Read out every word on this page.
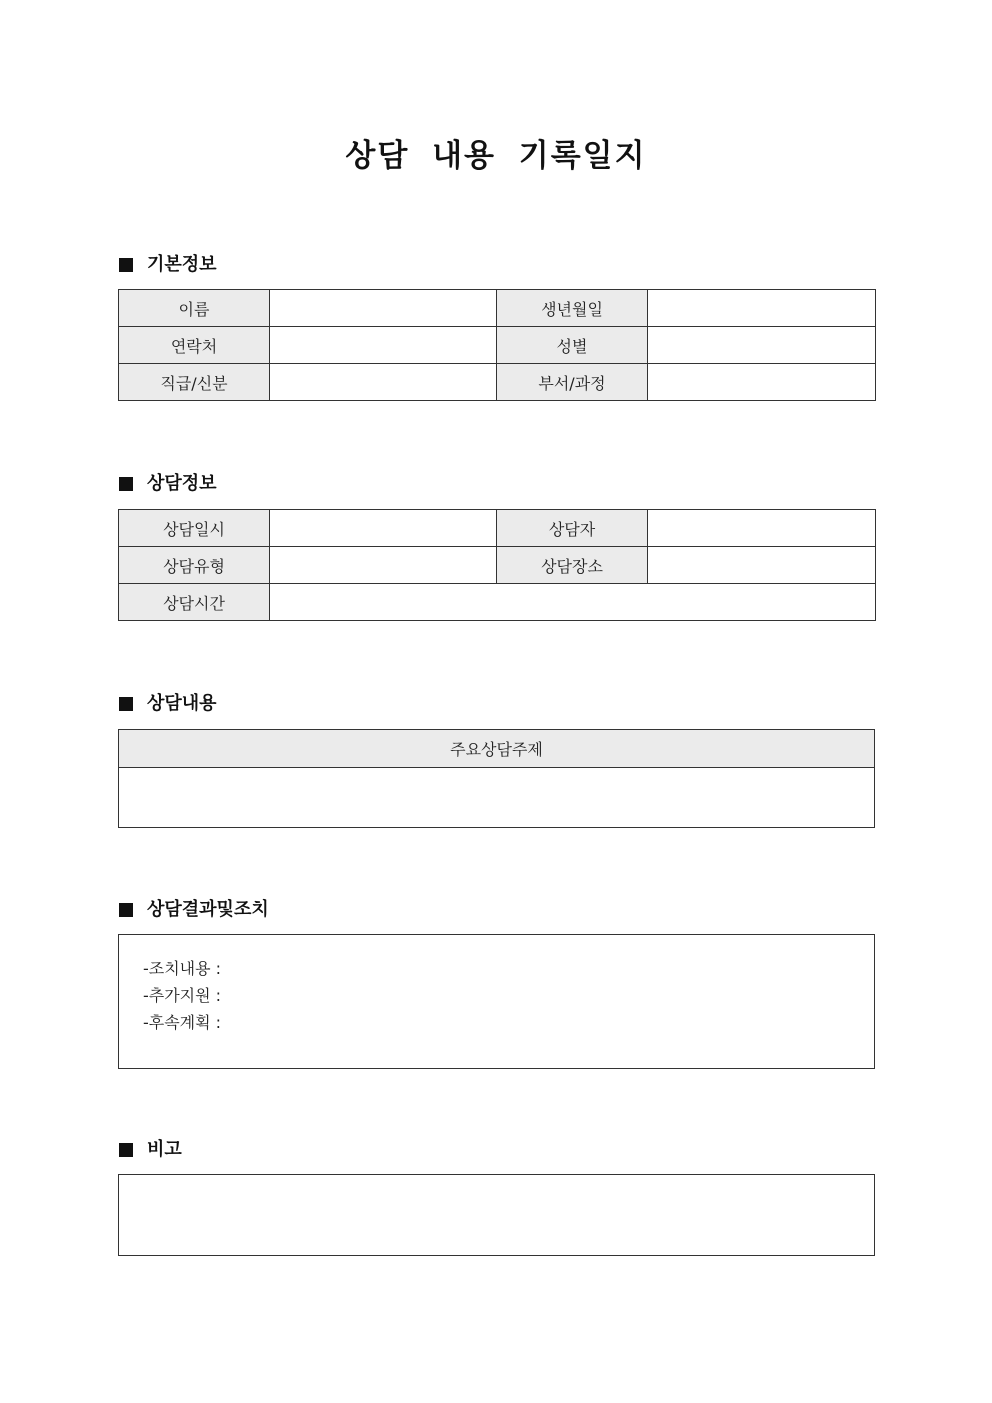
상담 내용 기록일지
기본정보
이름		생년월일	
연락처		성별	
직급/신분		부서/과정	
상담정보
상담일시		상담자	
상담유형		상담장소	
상담시간			
상담내용
주요상담주제

상담결과및조치
-조치내용 :
-추가지원 :
-후속계획 :
비고
